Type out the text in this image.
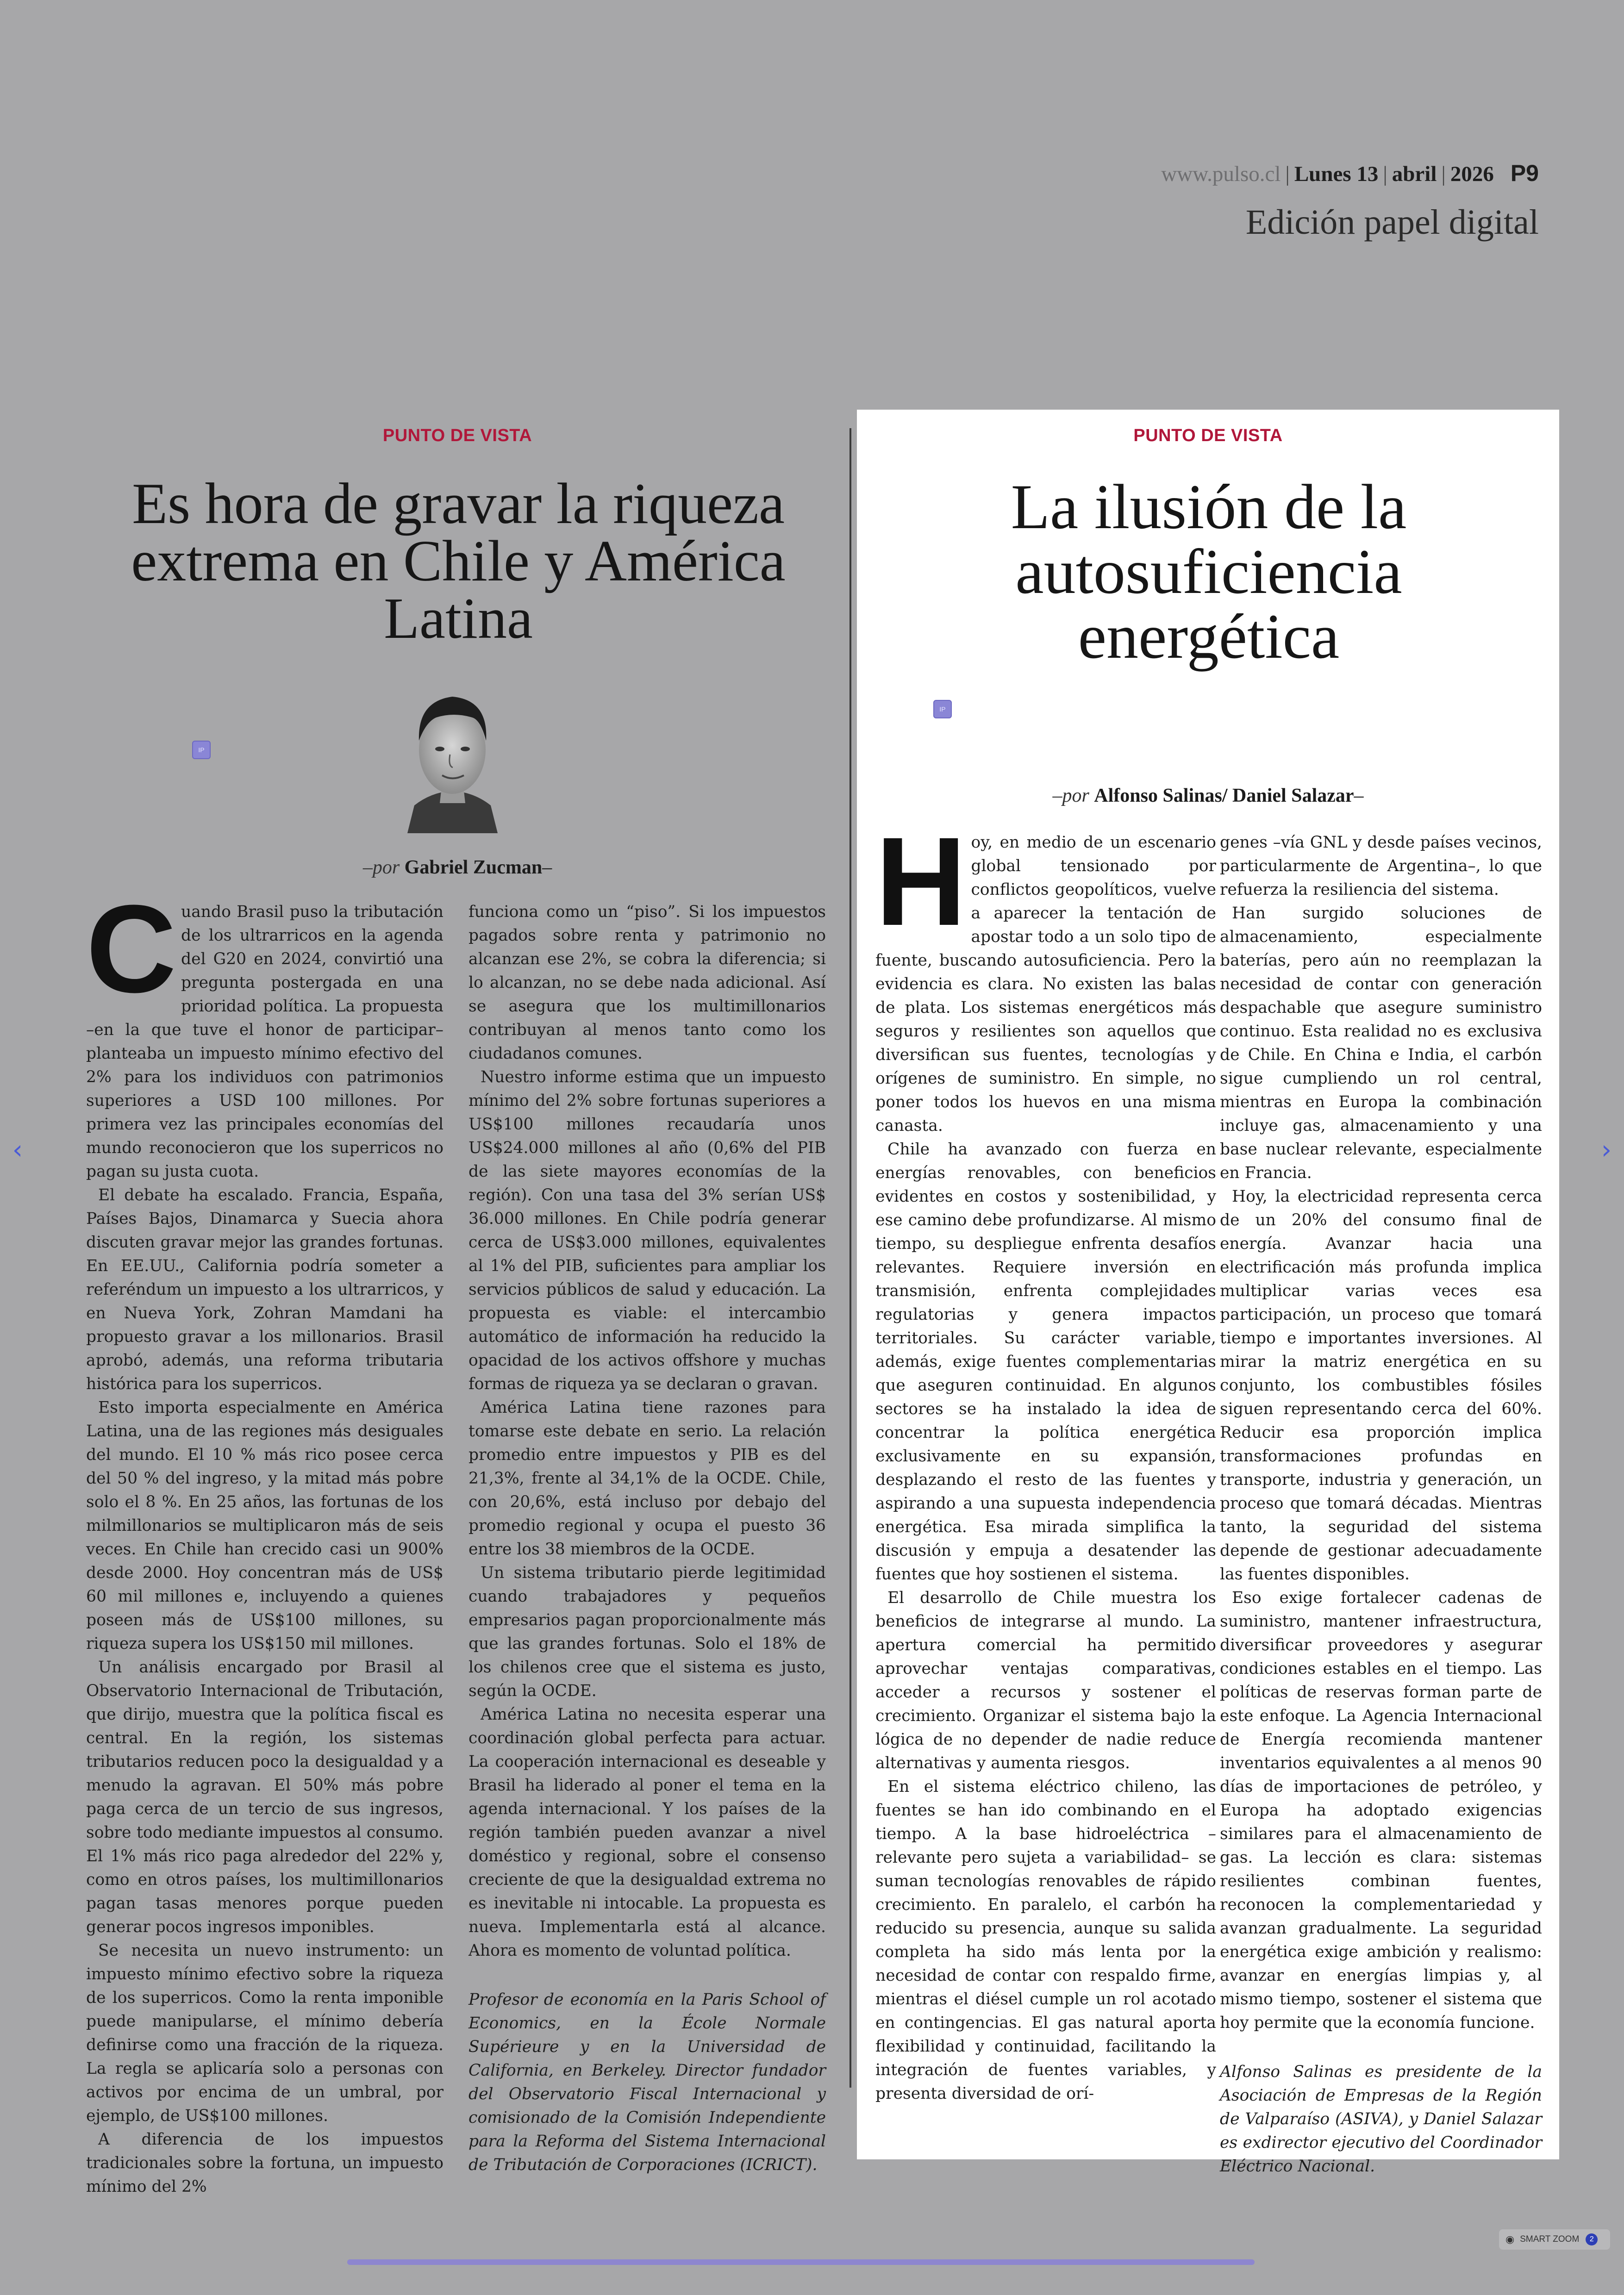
www.pulso.cl | Lunes 13 | abril | 2026 P9
Edición papel digital
PUNTO DE VISTA
Es hora de gravar la riqueza extrema en Chile y América Latina
IP
–por Gabriel Zucman–

Cuando Brasil puso la tributación de los ultrarricos en la agenda del G20 en 2024, convirtió una pregunta postergada en una prioridad política. La propuesta –en la que tuve el honor de participar– planteaba un impuesto mínimo efectivo del 2% para los individuos con patrimonios superiores a USD 100 millones. Por primera vez las principales economías del mundo reconocieron que los superricos no pagan su justa cuota.

El debate ha escalado. Francia, España, Países Bajos, Dinamarca y Suecia ahora discuten gravar mejor las grandes fortunas. En EE.UU., California podría someter a referéndum un impuesto a los ultrarricos, y en Nueva York, Zohran Mamdani ha propuesto gravar a los millonarios. Brasil aprobó, además, una reforma tributaria histórica para los superricos.

Esto importa especialmente en América Latina, una de las regiones más desiguales del mundo. El 10 % más rico posee cerca del 50 % del ingreso, y la mitad más pobre solo el 8 %. En 25 años, las fortunas de los milmillonarios se multiplicaron más de seis veces. En Chile han crecido casi un 900% desde 2000. Hoy concentran más de US$ 60 mil millones e, incluyendo a quienes poseen más de US$100 millones, su riqueza supera los US$150 mil millones.

Un análisis encargado por Brasil al Observatorio Internacional de Tributación, que dirijo, muestra que la política fiscal es central. En la región, los sistemas tributarios reducen poco la desigualdad y a menudo la agravan. El 50% más pobre paga cerca de un tercio de sus ingresos, sobre todo mediante impuestos al consumo. El 1% más rico paga alrededor del 22% y, como en otros países, los multimillonarios pagan tasas menores porque pueden generar pocos ingresos imponibles.

Se necesita un nuevo instrumento: un impuesto mínimo efectivo sobre la riqueza de los superricos. Como la renta imponible puede manipularse, el mínimo debería definirse como una fracción de la riqueza. La regla se aplicaría solo a personas con activos por encima de un umbral, por ejemplo, de US$100 millones.

A diferencia de los impuestos tradicionales sobre la fortuna, un impuesto mínimo del 2%

funciona como un “piso”. Si los impuestos pagados sobre renta y patrimonio no alcanzan ese 2%, se cobra la diferencia; si lo alcanzan, no se debe nada adicional. Así se asegura que los multimillonarios contribuyan al menos tanto como los ciudadanos comunes.

Nuestro informe estima que un impuesto mínimo del 2% sobre fortunas superiores a US$100 millones recaudaría unos US$24.000 millones al año (0,6% del PIB de las siete mayores economías de la región). Con una tasa del 3% serían US$ 36.000 millones. En Chile podría generar cerca de US$3.000 millones, equivalentes al 1% del PIB, suficientes para ampliar los servicios públicos de salud y educación. La propuesta es viable: el intercambio automático de información ha reducido la opacidad de los activos offshore y muchas formas de riqueza ya se declaran o gravan.

América Latina tiene razones para tomarse este debate en serio. La relación promedio entre impuestos y PIB es del 21,3%, frente al 34,1% de la OCDE. Chile, con 20,6%, está incluso por debajo del promedio regional y ocupa el puesto 36 entre los 38 miembros de la OCDE.

Un sistema tributario pierde legitimidad cuando trabajadores y pequeños empresarios pagan proporcionalmente más que las grandes fortunas. Solo el 18% de los chilenos cree que el sistema es justo, según la OCDE.

América Latina no necesita esperar una coordinación global perfecta para actuar. La cooperación internacional es deseable y Brasil ha liderado al poner el tema en la agenda internacional. Y los países de la región también pueden avanzar a nivel doméstico y regional, sobre el consenso creciente de que la desigualdad extrema no es inevitable ni intocable. La propuesta es nueva. Implementarla está al alcance. Ahora es momento de voluntad política.

Profesor de economía en la Paris School of Economics, en la École Normale Supérieure y en la Universidad de California, en Berkeley. Director fundador del Observatorio Fiscal Internacional y comisionado de la Comisión Independiente para la Reforma del Sistema Internacional de Tributación de Corporaciones (ICRICT).

PUNTO DE VISTA
La ilusión de la autosuficiencia energética
IP
–por Alfonso Salinas/ Daniel Salazar–

Hoy, en medio de un escenario global tensionado por conflictos geopolíticos, vuelve a aparecer la tentación de apostar todo a un solo tipo de fuente, buscando autosuficiencia. Pero la evidencia es clara. No existen las balas de plata. Los sistemas energéticos más seguros y resilientes son aquellos que diversifican sus fuentes, tecnologías y orígenes de suministro. En simple, no poner todos los huevos en una misma canasta.

Chile ha avanzado con fuerza en energías renovables, con beneficios evidentes en costos y sostenibilidad, y ese camino debe profundizarse. Al mismo tiempo, su despliegue enfrenta desafíos relevantes. Requiere inversión en transmisión, enfrenta complejidades regulatorias y genera impactos territoriales. Su carácter variable, además, exige fuentes complementarias que aseguren continuidad. En algunos sectores se ha instalado la idea de concentrar la política energética exclusivamente en su expansión, desplazando el resto de las fuentes y aspirando a una supuesta independencia energética. Esa mirada simplifica la discusión y empuja a desatender las fuentes que hoy sostienen el sistema.

El desarrollo de Chile muestra los beneficios de integrarse al mundo. La apertura comercial ha permitido aprovechar ventajas comparativas, acceder a recursos y sostener el crecimiento. Organizar el sistema bajo la lógica de no depender de nadie reduce alternativas y aumenta riesgos.

En el sistema eléctrico chileno, las fuentes se han ido combinando en el tiempo. A la base hidroeléctrica –relevante pero sujeta a variabilidad– se suman tecnologías renovables de rápido crecimiento. En paralelo, el carbón ha reducido su presencia, aunque su salida completa ha sido más lenta por la necesidad de contar con respaldo firme, mientras el diésel cumple un rol acotado en contingencias. El gas natural aporta flexibilidad y continuidad, facilitando la integración de fuentes variables, y presenta diversidad de orí-

genes –vía GNL y desde países vecinos, particularmente de Argentina–, lo que refuerza la resiliencia del sistema.

Han surgido soluciones de almacenamiento, especialmente baterías, pero aún no reemplazan la necesidad de contar con generación despachable que asegure suministro continuo. Esta realidad no es exclusiva de Chile. En China e India, el carbón sigue cumpliendo un rol central, mientras en Europa la combinación incluye gas, almacenamiento y una base nuclear relevante, especialmente en Francia.

Hoy, la electricidad representa cerca de un 20% del consumo final de energía. Avanzar hacia una electrificación más profunda implica multiplicar varias veces esa participación, un proceso que tomará tiempo e importantes inversiones. Al mirar la matriz energética en su conjunto, los combustibles fósiles siguen representando cerca del 60%. Reducir esa proporción implica transformaciones profundas en transporte, industria y generación, un proceso que tomará décadas. Mientras tanto, la seguridad del sistema depende de gestionar adecuadamente las fuentes disponibles.

Eso exige fortalecer cadenas de suministro, mantener infraestructura, diversificar proveedores y asegurar condiciones estables en el tiempo. Las políticas de reservas forman parte de este enfoque. La Agencia Internacional de Energía recomienda mantener inventarios equivalentes a al menos 90 días de importaciones de petróleo, y Europa ha adoptado exigencias similares para el almacenamiento de gas. La lección es clara: sistemas resilientes combinan fuentes, reconocen la complementariedad y avanzan gradualmente. La seguridad energética exige ambición y realismo: avanzar en energías limpias y, al mismo tiempo, sostener el sistema que hoy permite que la economía funcione.

Alfonso Salinas es presidente de la Asociación de Empresas de la Región de Valparaíso (ASIVA), y Daniel Salazar es exdirector ejecutivo del Coordinador Eléctrico Nacional.

‹	›
◉ SMART ZOOM	2
